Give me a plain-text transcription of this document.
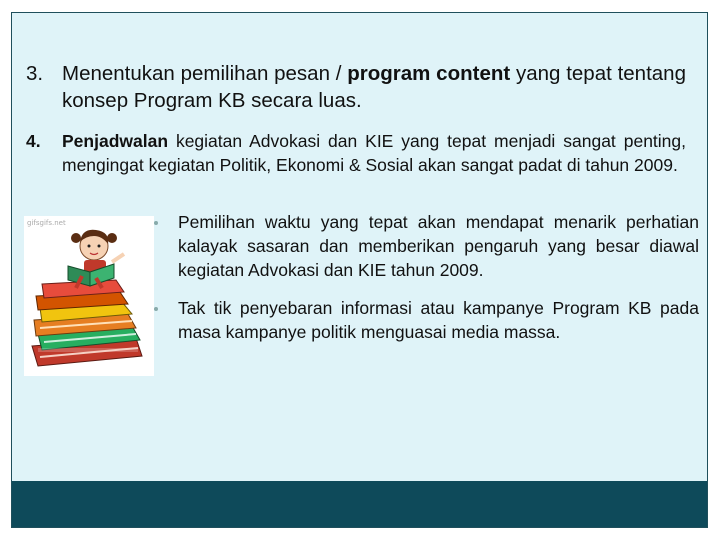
3. Menentukan pemilihan pesan / program content yang tepat tentang konsep Program KB secara luas.
4.	Penjadwalan kegiatan Advokasi dan KIE yang tepat menjadi sangat penting, mengingat kegiatan Politik, Ekonomi & Sosial akan sangat padat di tahun 2009.
gifsgifs.net	Pemilihan waktu yang tepat akan mendapat menarik perhatian kalayak sasaran dan memberikan pengaruh yang besar diawal kegiatan Advokasi dan KIE tahun 2009.
Tak tik penyebaran informasi atau kampanye Program KB pada masa kampanye politik menguasai media massa.
